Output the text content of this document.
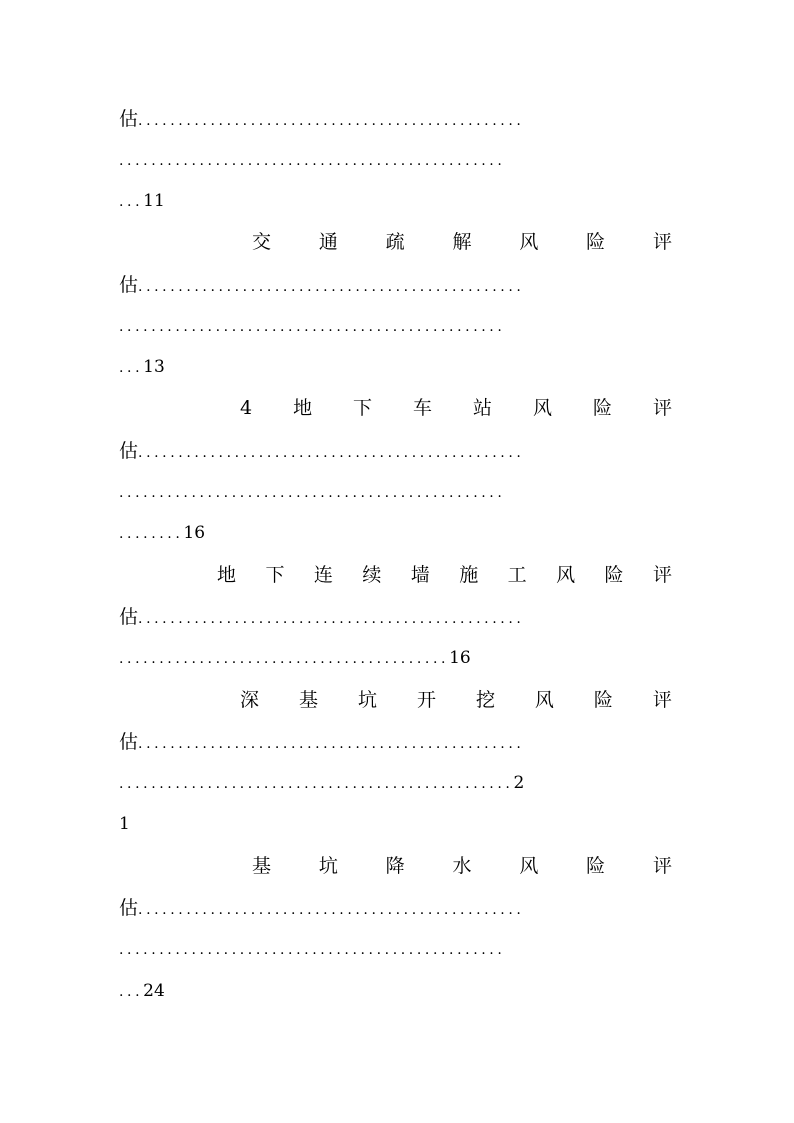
估................................................
................................................
...11
交	通	疏	解	风	险	评
估................................................
................................................
...13
4 地 下 车 站 风 险 评
估................................................
................................................
........16
地 下 连 续 墙 施 工 风 险 评
估................................................
.........................................16
深 基 坑 开 挖 风 险 评
估................................................
.................................................2
1
基	坑	降	水	风	险	评
估................................................
................................................
...24
